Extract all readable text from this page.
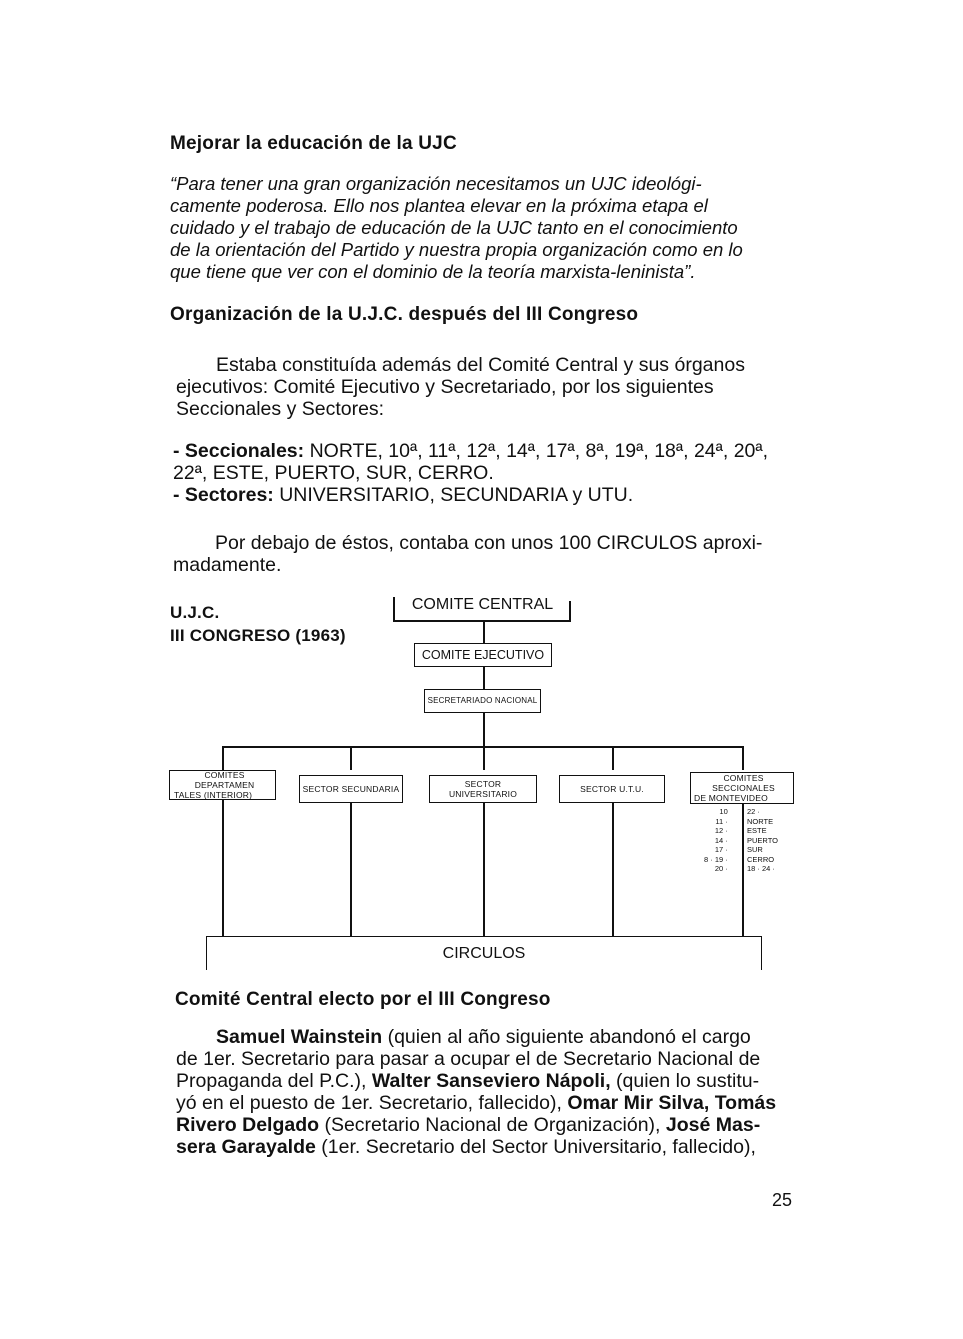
Mejorar la educación de la UJC
“Para tener una gran organización necesitamos un UJC ideológi-
camente poderosa. Ello nos plantea elevar en la próxima etapa el
cuidado y el trabajo de educación de la UJC tanto en el conocimiento
de la orientación del Partido y nuestra propia organización como en lo
que tiene que ver con el dominio de la teoría marxista-leninista”.
Organización de la U.J.C. después del III Congreso
Estaba constituída además del Comité Central y sus órganos
ejecutivos: Comité Ejecutivo y Secretariado, por los siguientes
Seccionales y Sectores:
- Seccionales: NORTE, 10ª, 11ª, 12ª, 14ª, 17ª, 8ª, 19ª, 18ª, 24ª, 20ª,
22ª, ESTE, PUERTO, SUR, CERRO.
- Sectores: UNIVERSITARIO, SECUNDARIA y UTU.
Por debajo de éstos, contaba con unos 100 CIRCULOS aproxi-
madamente.
U.J.C.
III CONGRESO (1963)
COMITE CENTRAL
COMITE EJECUTIVO
SECRETARIADO NACIONAL
COMITES DEPARTAMEN
TALES (INTERIOR)
SECTOR SECUNDARIA	SECTOR UNIVERSITARIO	SECTOR U.T.U.
COMITES SECCIONALES
DE MONTEVIDEO
10
11 ·
12 ·
14 ·
17 ·
8 · 19 ·
20 ·
22 ·
NORTE
ESTE
PUERTO
SUR
CERRO
18 · 24 ·
CIRCULOS
Comité Central electo por el III Congreso
Samuel Wainstein (quien al año siguiente abandonó el cargo
de 1er. Secretario para pasar a ocupar el de Secretario Nacional de
Propaganda del P.C.), Walter Sanseviero Nápoli, (quien lo sustitu-
yó en el puesto de 1er. Secretario, fallecido), Omar Mir Silva, Tomás
Rivero Delgado (Secretario Nacional de Organización), José Mas-
sera Garayalde (1er. Secretario del Sector Universitario, fallecido),
25
